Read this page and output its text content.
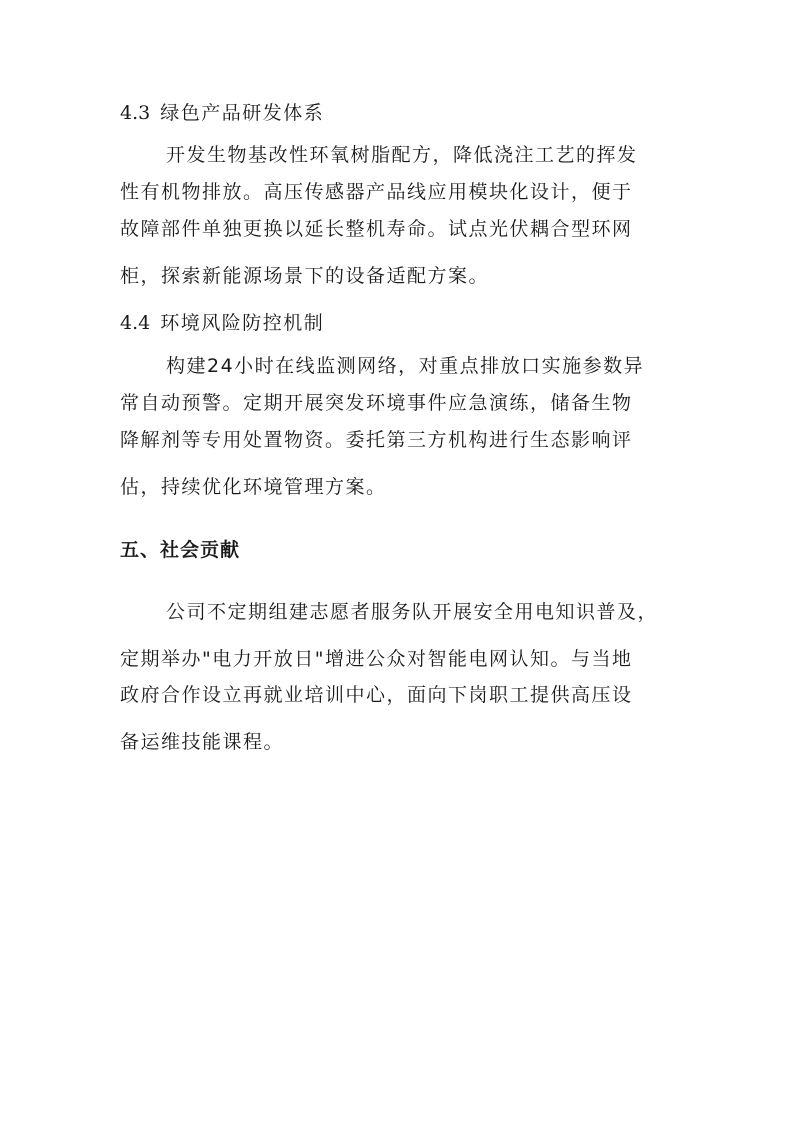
4.3 绿色产品研发体系
开发生物基改性环氧树脂配方，降低浇注工艺的挥发
性有机物排放。高压传感器产品线应用模块化设计，便于
故障部件单独更换以延长整机寿命。试点光伏耦合型环网
柜，探索新能源场景下的设备适配方案。
4.4 环境风险防控机制
构建24小时在线监测网络，对重点排放口实施参数异
常自动预警。定期开展突发环境事件应急演练，储备生物
降解剂等专用处置物资。委托第三方机构进行生态影响评
估，持续优化环境管理方案。
五、社会贡献
公司不定期组建志愿者服务队开展安全用电知识普及，
定期举办"电力开放日"增进公众对智能电网认知。与当地
政府合作设立再就业培训中心，面向下岗职工提供高压设
备运维技能课程。
